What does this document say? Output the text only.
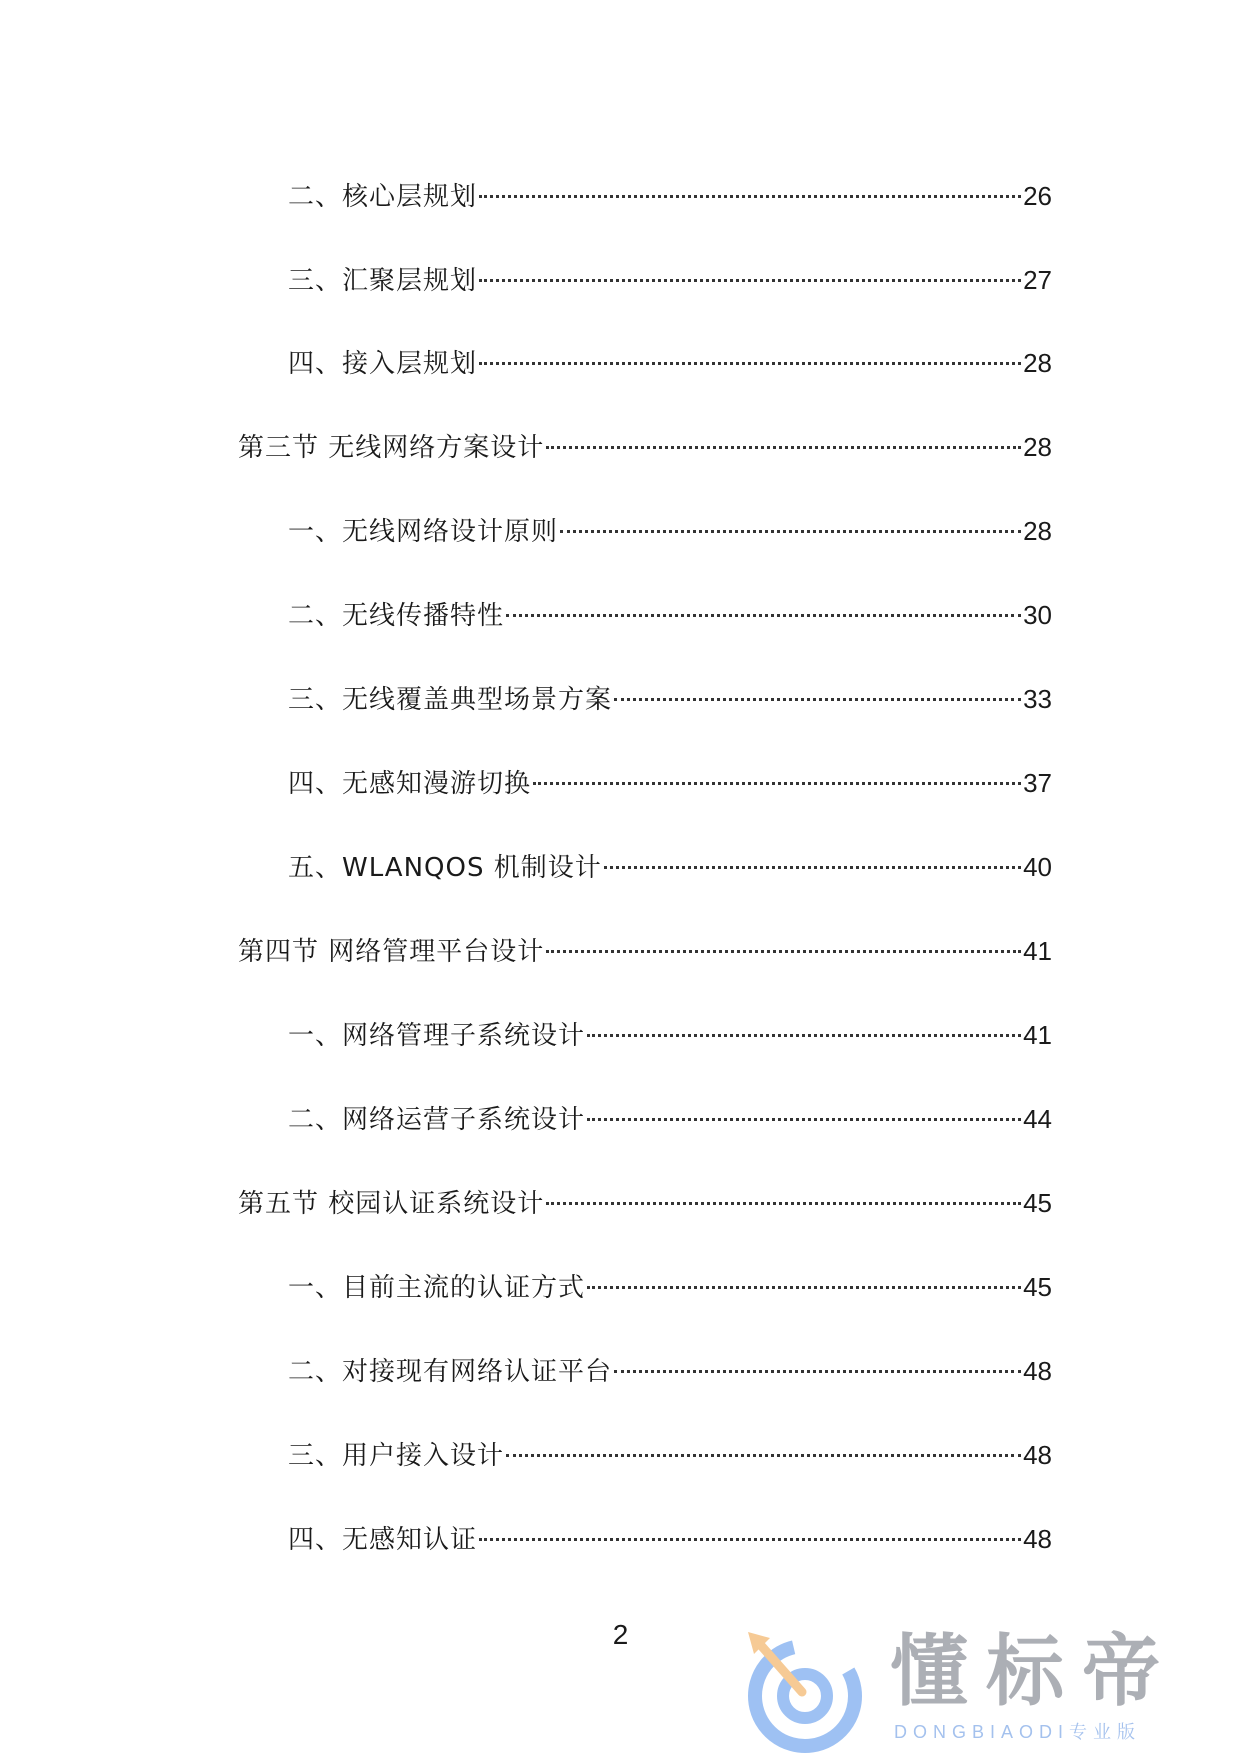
二、核心层规划	26
三、汇聚层规划	27
四、接入层规划	28
第三节 无线网络方案设计	28
一、无线网络设计原则	28
二、无线传播特性	30
三、无线覆盖典型场景方案	33
四、无感知漫游切换	37
五、WLANQOS 机制设计	40
第四节 网络管理平台设计	41
一、网络管理子系统设计	41
二、网络运营子系统设计	44
第五节 校园认证系统设计	45
一、目前主流的认证方式	45
二、对接现有网络认证平台	48
三、用户接入设计	48
四、无感知认证	48
2	懂标帝
DONGBIAODI专业版
